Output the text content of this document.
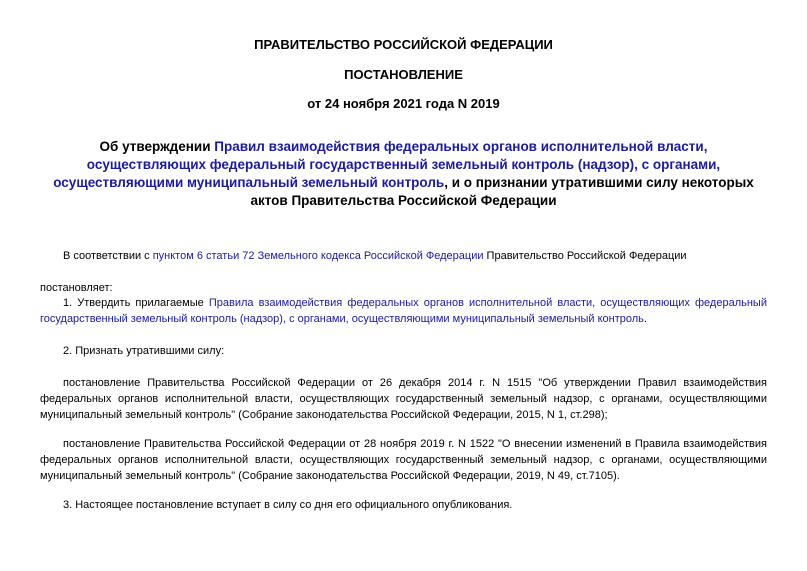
ПРАВИТЕЛЬСТВО РОССИЙСКОЙ ФЕДЕРАЦИИ
ПОСТАНОВЛЕНИЕ
от 24 ноября 2021 года N 2019
Об утверждении Правил взаимодействия федеральных органов исполнительной власти, осуществляющих федеральный государственный земельный контроль (надзор), с органами, осуществляющими муниципальный земельный контроль, и о признании утратившими силу некоторых актов Правительства Российской Федерации
В соответствии с пунктом 6 статьи 72 Земельного кодекса Российской Федерации Правительство Российской Федерации
постановляет:
1. Утвердить прилагаемые Правила взаимодействия федеральных органов исполнительной власти, осуществляющих федеральный государственный земельный контроль (надзор), с органами, осуществляющими муниципальный земельный контроль.
2. Признать утратившими силу:
постановление Правительства Российской Федерации от 26 декабря 2014 г. N 1515 "Об утверждении Правил взаимодействия федеральных органов исполнительной власти, осуществляющих государственный земельный надзор, с органами, осуществляющими муниципальный земельный контроль" (Собрание законодательства Российской Федерации, 2015, N 1, ст.298);
постановление Правительства Российской Федерации от 28 ноября 2019 г. N 1522 "О внесении изменений в Правила взаимодействия федеральных органов исполнительной власти, осуществляющих государственный земельный надзор, с органами, осуществляющими муниципальный земельный контроль" (Собрание законодательства Российской Федерации, 2019, N 49, ст.7105).
3. Настоящее постановление вступает в силу со дня его официального опубликования.
